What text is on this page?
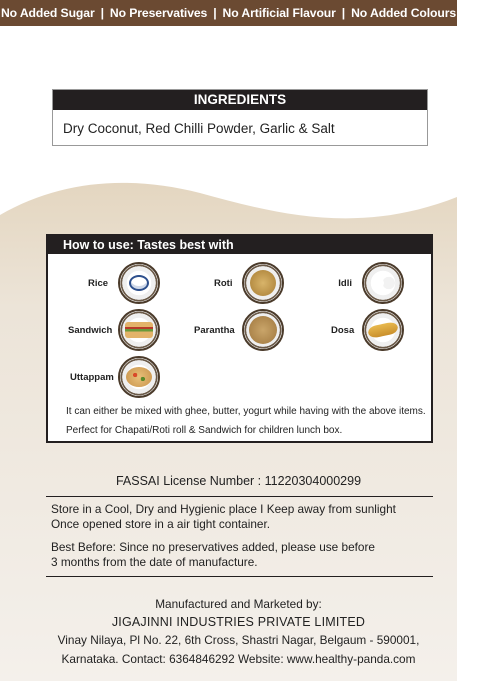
No Added Sugar | No Preservatives | No Artificial Flavour | No Added Colours
INGREDIENTS
Dry Coconut, Red Chilli Powder, Garlic & Salt
How to use: Tastes best with
Rice	Roti	Idli
Sandwich	Parantha	Dosa
Uttappam
It can either be mixed with ghee, butter, yogurt while having with the above items.
Perfect for Chapati/Roti roll & Sandwich for children lunch box.
FASSAI License Number : 11220304000299
Store in a Cool, Dry and Hygienic place I Keep away from sunlight
Once opened store in a air tight container.
Best Before: Since no preservatives added, please use before
3 months from the date of manufacture.
Manufactured and Marketed by:
JIGAJINNI INDUSTRIES PRIVATE LIMITED
Vinay Nilaya, Pl No. 22, 6th Cross, Shastri Nagar, Belgaum - 590001,
Karnataka. Contact: 6364846292 Website: www.healthy-panda.com
